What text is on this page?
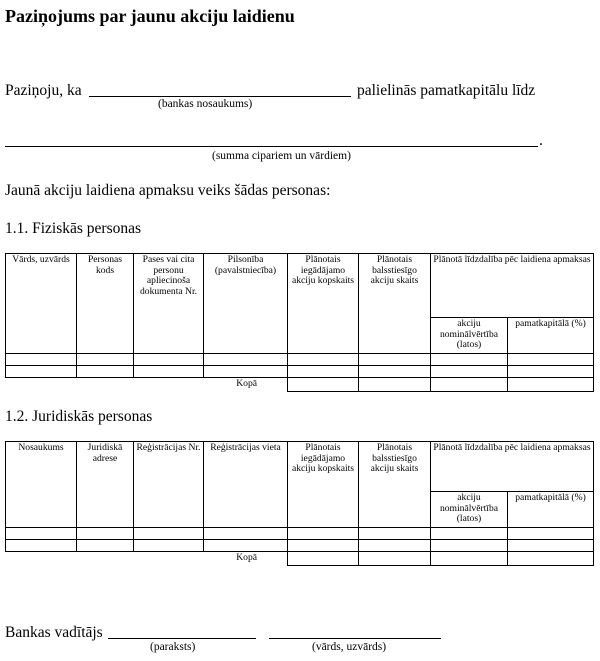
Paziņojums par jaunu akciju laidienu
Paziņoju, ka	palielinās pamatkapitālu līdz
(bankas nosaukums)
.
(summa cipariem un vārdiem)
Jaunā akciju laidiena apmaksu veiks šādas personas:
1.1. Fiziskās personas
Vārds, uzvārds	Personas kods	Pases vai cita personu apliecinoša dokumenta Nr.	Pilsonība (pavalstniecība)	Plānotais iegādājamo akciju kopskaits	Plānotais balsstiesīgo akciju skaits	Plānotā līdzdalība pēc laidiena apmaksas	
						akciju nominālvērtība (latos)	pamatkapitālā (%)

		Kopā					
1.2. Juridiskās personas
Nosaukums	Juridiskā adrese	Reģistrācijas Nr.	Reģistrācijas vieta	Plānotais iegādājamo akciju kopskaits	Plānotais balsstiesīgo akciju skaits	Plānotā līdzdalība pēc laidiena apmaksas	
						akciju nominālvērtība (latos)	pamatkapitālā (%)

		Kopā					
Bankas vadītājs
(paraksts)	(vārds, uzvārds)
